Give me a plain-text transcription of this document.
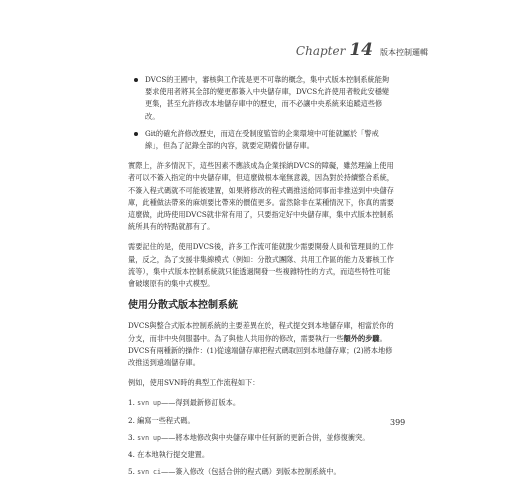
Chapter 14 版本控制邏輯
DVCS的王國中，審核與工作流是更不可靠的概念，集中式版本控制系統能夠要求使用者將其全部的變更都簽入中央儲存庫，DVCS允許使用者較此安穩變更集，甚至允許修改本地儲存庫中的歷史，而不必讓中央系統來追蹤這些修改。
Git的確允許修改歷史，而這在受制度監管的企業環境中可能就屬於「警戒線」，但為了記錄全部的內容，就要定期備份儲存庫。

實際上，許多情況下，這些因素不應該成為企業採納DVCS的障礙，雖然理論上使用者可以不簽入指定的中央儲存庫，但這麼做根本毫無意義，因為對於持續整合系統，不簽入程式碼就不可能被建置，如果將修改的程式碼推送給同事而非推送到中央儲存庫，此種做法帶來的麻煩要比帶來的價值更多。當然除非在某種情況下，你真的需要這麼做，此時使用DVCS就非常有用了，只要指定好中央儲存庫，集中式版本控制系統所具有的特點就都有了。

需要記住的是，使用DVCS後，許多工作流可能就脫少需要開發人員和管理員的工作量，反之，為了支援非集線模式（例如：分散式團隊、共用工作區的能力及審核工作流等），集中式版本控制系統就只能透過開發一些複雜特性的方式，而這些特性可能會破壞原有的集中式模型。

使用分散式版本控制系統

DVCS與整合式版本控制系統的主要差異在於，程式提交到本地儲存庫，相當於你的分支，而非中央伺服器中。為了與他人共用你的修改，需要執行一些額外的步驟。DVCS有兩種新的操作：(1)從遠端儲存庫把程式碼取回到本地儲存庫；(2)將本地修改推送到遠端儲存庫。

例如，使用SVN時的典型工作流程如下：

1. svn up——得到最新修訂版本。
2. 編寫一些程式碼。
3. svn up——將本地修改與中央儲存庫中任何新的更新合併，並修復衝突。
4. 在本地執行提交建置。
5. svn ci——簽入修改（包括合併的程式碼）到版本控制系統中。
399
